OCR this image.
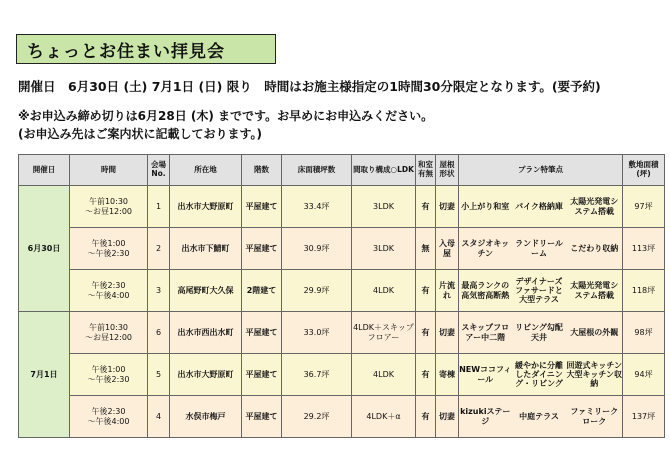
ちょっとお住まい拝見会
開催日　6月30日 (土) 7月1日 (日) 限り　時間はお施主様指定の1時間30分限定となります。(要予約)
※お申込み締め切りは6月28日 (木) までです。お早めにお申込みください。
(お申込み先はご案内状に記載しております。)
開催日	時間	会場No.	所在地	階数	床面積坪数	間取り構成○LDK	和室有無	屋根形状	プラン特筆点			敷地面積(坪)
6月30日	午前10:30
～お昼12:00	1	出水市大野原町	平屋建て	33.4坪	3LDK	有	切妻	小上がり和室	パイク格納庫	太陽光発電システム搭載	97坪

	午後1:00
～午後2:30	2	出水市下鯖町	平屋建て	30.9坪	3LDK	無	入母屋	スタジオキッチン	ランドリールーム	こだわり収納	113坪

	午後2:30
～午後4:00	3	高尾野町大久保	2階建て	29.9坪	4LDK	有	片流れ	最高ランクの高気密高断熱	デザイナーズファサードと大型テラス	太陽光発電システム搭載	118坪
7月1日	午前10:30
～お昼12:00	6	出水市西出水町	平屋建て	33.0坪	4LDK＋スキップフロアー	有	切妻	スキップフロアー中二階	リビング勾配天井	大屋根の外観	98坪

	午後1:00
～午後2:30	5	出水市大野原町	平屋建て	36.7坪	4LDK	有	寄棟	NEWココフィール	緩やかに分離したダイニング・リビング	回遊式キッチン大型キッチン収納	94坪

	午後2:30
～午後4:00	4	水俣市梅戸	平屋建て	29.2坪	4LDK＋α	有	切妻	kizukiステージ	中庭テラス	ファミリークローク	137坪
